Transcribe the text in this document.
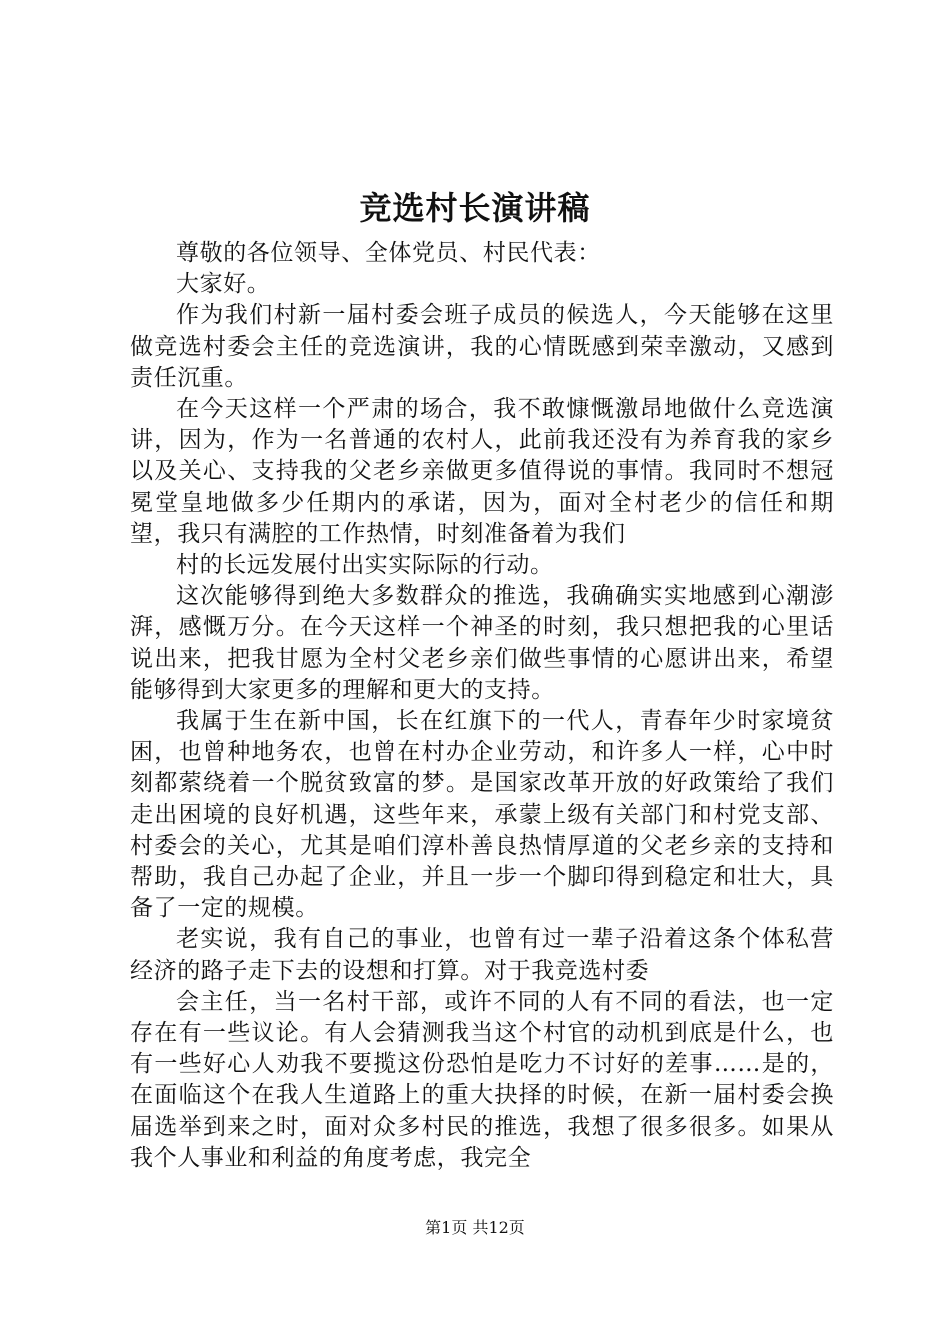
竞选村长演讲稿

尊敬的各位领导、全体党员、村民代表：

大家好。

作为我们村新一届村委会班子成员的候选人，今天能够在这里做竞选村委会主任的竞选演讲，我的心情既感到荣幸激动，又感到责任沉重。

在今天这样一个严肃的场合，我不敢慷慨激昂地做什么竞选演讲，因为，作为一名普通的农村人，此前我还没有为养育我的家乡以及关心、支持我的父老乡亲做更多值得说的事情。我同时不想冠冕堂皇地做多少任期内的承诺，因为，面对全村老少的信任和期望，我只有满腔的工作热情，时刻准备着为我们

村的长远发展付出实实际际的行动。

这次能够得到绝大多数群众的推选，我确确实实地感到心潮澎湃，感慨万分。在今天这样一个神圣的时刻，我只想把我的心里话说出来，把我甘愿为全村父老乡亲们做些事情的心愿讲出来，希望能够得到大家更多的理解和更大的支持。

我属于生在新中国，长在红旗下的一代人，青春年少时家境贫困，也曾种地务农，也曾在村办企业劳动，和许多人一样，心中时刻都萦绕着一个脱贫致富的梦。是国家改革开放的好政策给了我们走出困境的良好机遇，这些年来，承蒙上级有关部门和村党支部、村委会的关心，尤其是咱们淳朴善良热情厚道的父老乡亲的支持和帮助，我自己办起了企业，并且一步一个脚印得到稳定和壮大，具备了一定的规模。

老实说，我有自己的事业，也曾有过一辈子沿着这条个体私营经济的路子走下去的设想和打算。对于我竞选村委

会主任，当一名村干部，或许不同的人有不同的看法，也一定存在有一些议论。有人会猜测我当这个村官的动机到底是什么，也有一些好心人劝我不要揽这份恐怕是吃力不讨好的差事……是的，在面临这个在我人生道路上的重大抉择的时候，在新一届村委会换届选举到来之时，面对众多村民的推选，我想了很多很多。如果从我个人事业和利益的角度考虑，我完全

第1页 共12页
